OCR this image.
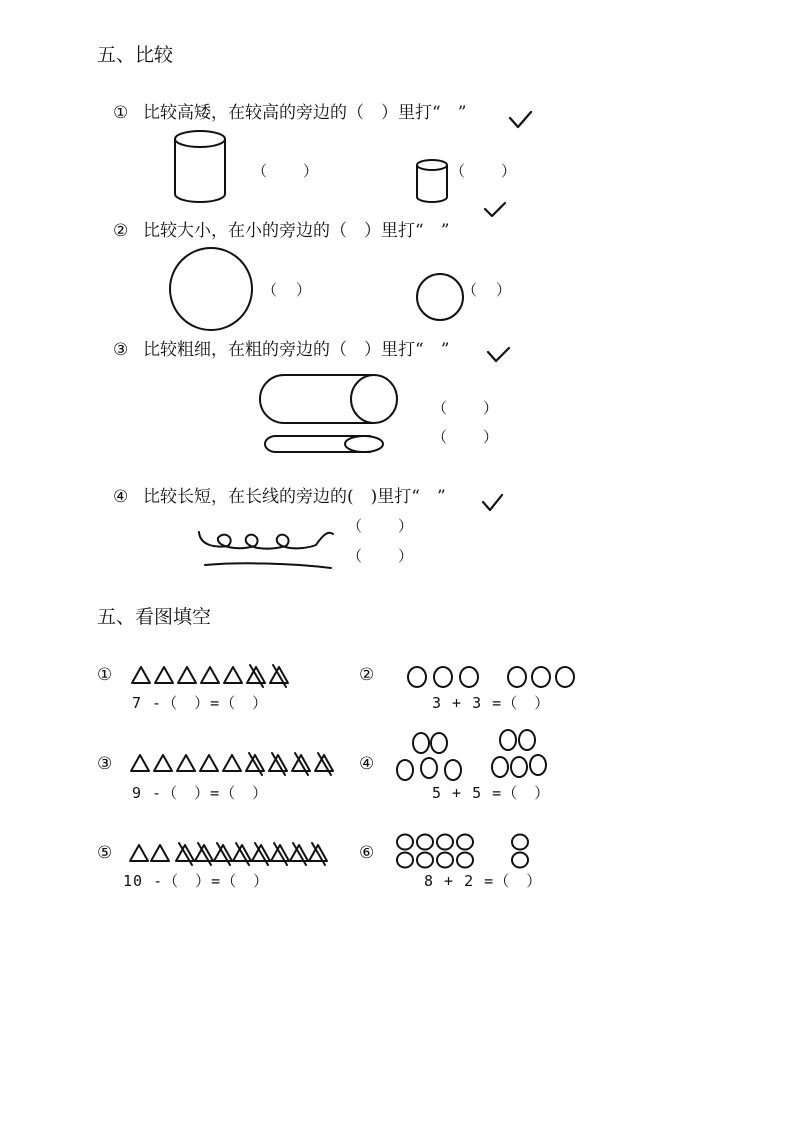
五、比较
① 比较高矮，在较高的旁边的（　）里打“　”
（　　）	（　　）
② 比较大小，在小的旁边的（　）里打“　”
（　）	（　）
③ 比较粗细，在粗的旁边的（　）里打“　”
（　　）
（　　）
④ 比较长短，在长线的旁边的(　)里打“　”
（　　）
（　　）
五、看图填空
①
7 -（　）=（　）
②
3 + 3 =（　）
③
9 -（　）=（　）
④
5 + 5 =（　）
⑤
10 -（　）=（　）
⑥
8 + 2 =（　）
